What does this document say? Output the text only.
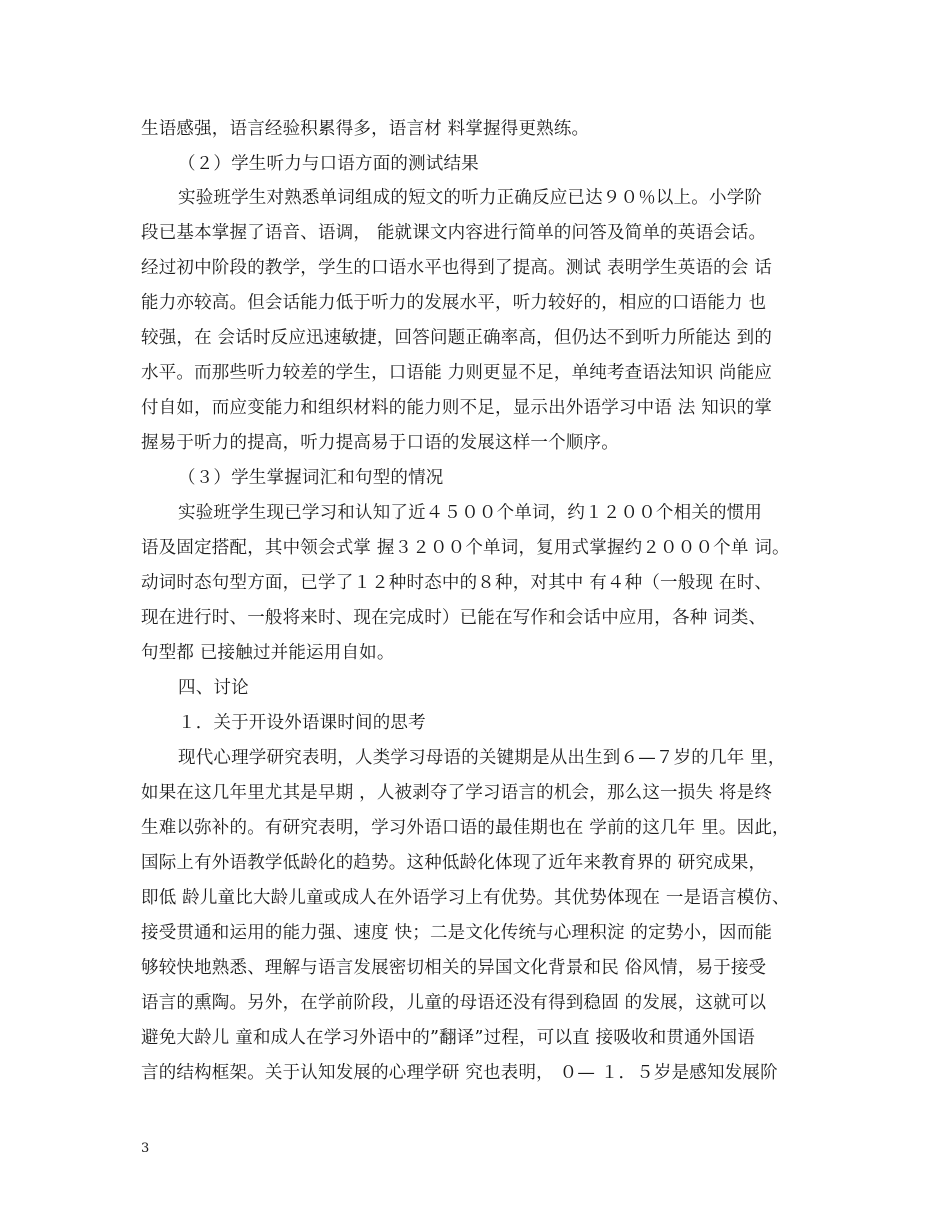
生语感强，语言经验积累得多，语言材 料掌握得更熟练。
（２）学生听力与口语方面的测试结果
实验班学生对熟悉单词组成的短文的听力正确反应已达９０％以上。小学阶
段已基本掌握了语音、语调， 能就课文内容进行简单的问答及简单的英语会话。
经过初中阶段的教学，学生的口语水平也得到了提高。测试 表明学生英语的会 话
能力亦较高。但会话能力低于听力的发展水平，听力较好的，相应的口语能力 也
较强，在 会话时反应迅速敏捷，回答问题正确率高，但仍达不到听力所能达 到的
水平。而那些听力较差的学生，口语能 力则更显不足，单纯考查语法知识 尚能应
付自如，而应变能力和组织材料的能力则不足，显示出外语学习中语 法 知识的掌
握易于听力的提高，听力提高易于口语的发展这样一个顺序。
（３）学生掌握词汇和句型的情况
实验班学生现已学习和认知了近４５００个单词，约１２００个相关的惯用
语及固定搭配，其中领会式掌 握３２００个单词，复用式掌握约２０００个单 词。
动词时态句型方面，已学了１２种时态中的８种，对其中 有４种（一般现 在时、
现在进行时、一般将来时、现在完成时）已能在写作和会话中应用，各种 词类、
句型都 已接触过并能运用自如。
四、讨论
１．关于开设外语课时间的思考
现代心理学研究表明，人类学习母语的关键期是从出生到６—７岁的几年 里，
如果在这几年里尤其是早期 ，人被剥夺了学习语言的机会，那么这一损失 将是终
生难以弥补的。有研究表明，学习外语口语的最佳期也在 学前的这几年 里。因此，
国际上有外语教学低龄化的趋势。这种低龄化体现了近年来教育界的 研究成果，
即低 龄儿童比大龄儿童或成人在外语学习上有优势。其优势体现在 一是语言模仿、
接受贯通和运用的能力强、速度 快；二是文化传统与心理积淀 的定势小，因而能
够较快地熟悉、理解与语言发展密切相关的异国文化背景和民 俗风情，易于接受
语言的熏陶。另外，在学前阶段，儿童的母语还没有得到稳固 的发展，这就可以
避免大龄儿 童和成人在学习外语中的”翻译”过程，可以直 接吸收和贯通外国语
言的结构框架。关于认知发展的心理学研 究也表明， ０— １．５岁是感知发展阶
3
